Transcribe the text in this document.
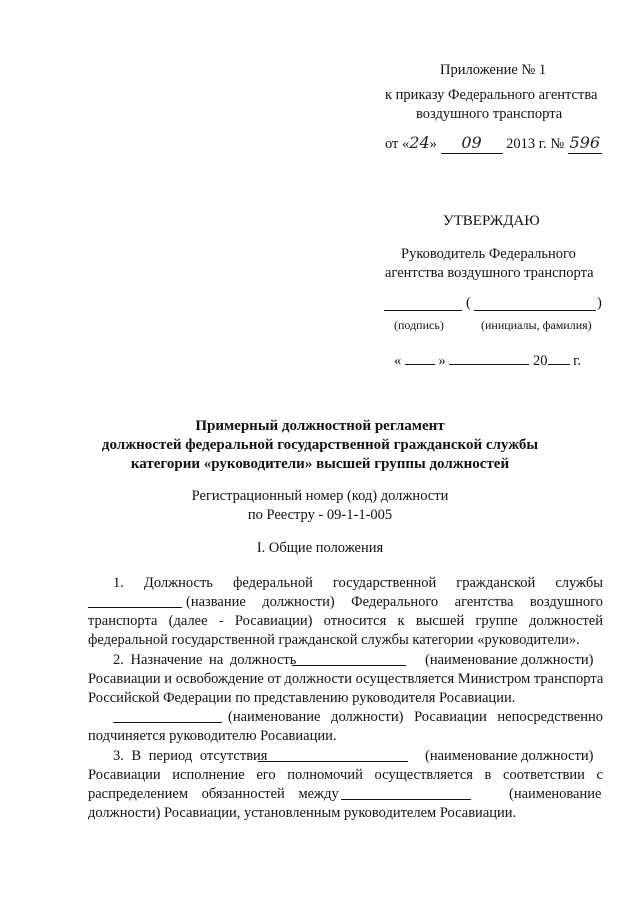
Приложение № 1
к приказу Федерального агентства
воздушного транспорта
от «24» 09 2013 г. № 596
УТВЕРЖДАЮ
Руководитель Федерального
агентства воздушного транспорта
(	)
(подпись)	(инициалы, фамилия)
«	»	20 г.
Примерный должностной регламент
должностей федеральной государственной гражданской службы
категории «руководители» высшей группы должностей
Регистрационный номер (код) должности
по Реестру - 09-1-1-005
I. Общие положения
1. Должность федеральной государственной гражданской службы
(название должности) Федерального агентства воздушного
транспорта (далее - Росавиации) относится к высшей группе должностей
федеральной государственной гражданской службы категории «руководители».
2. Назначение на должность	(наименование должности)
Росавиации и освобождение от должности осуществляется Министром транспорта
Российской Федерации по представлению руководителя Росавиации.
(наименование должности) Росавиации непосредственно
подчиняется руководителю Росавиации.
3. В период отсутствия	(наименование должности)
Росавиации исполнение его полномочий осуществляется в соответствии с
распределением обязанностей между	(наименование
должности) Росавиации, установленным руководителем Росавиации.
